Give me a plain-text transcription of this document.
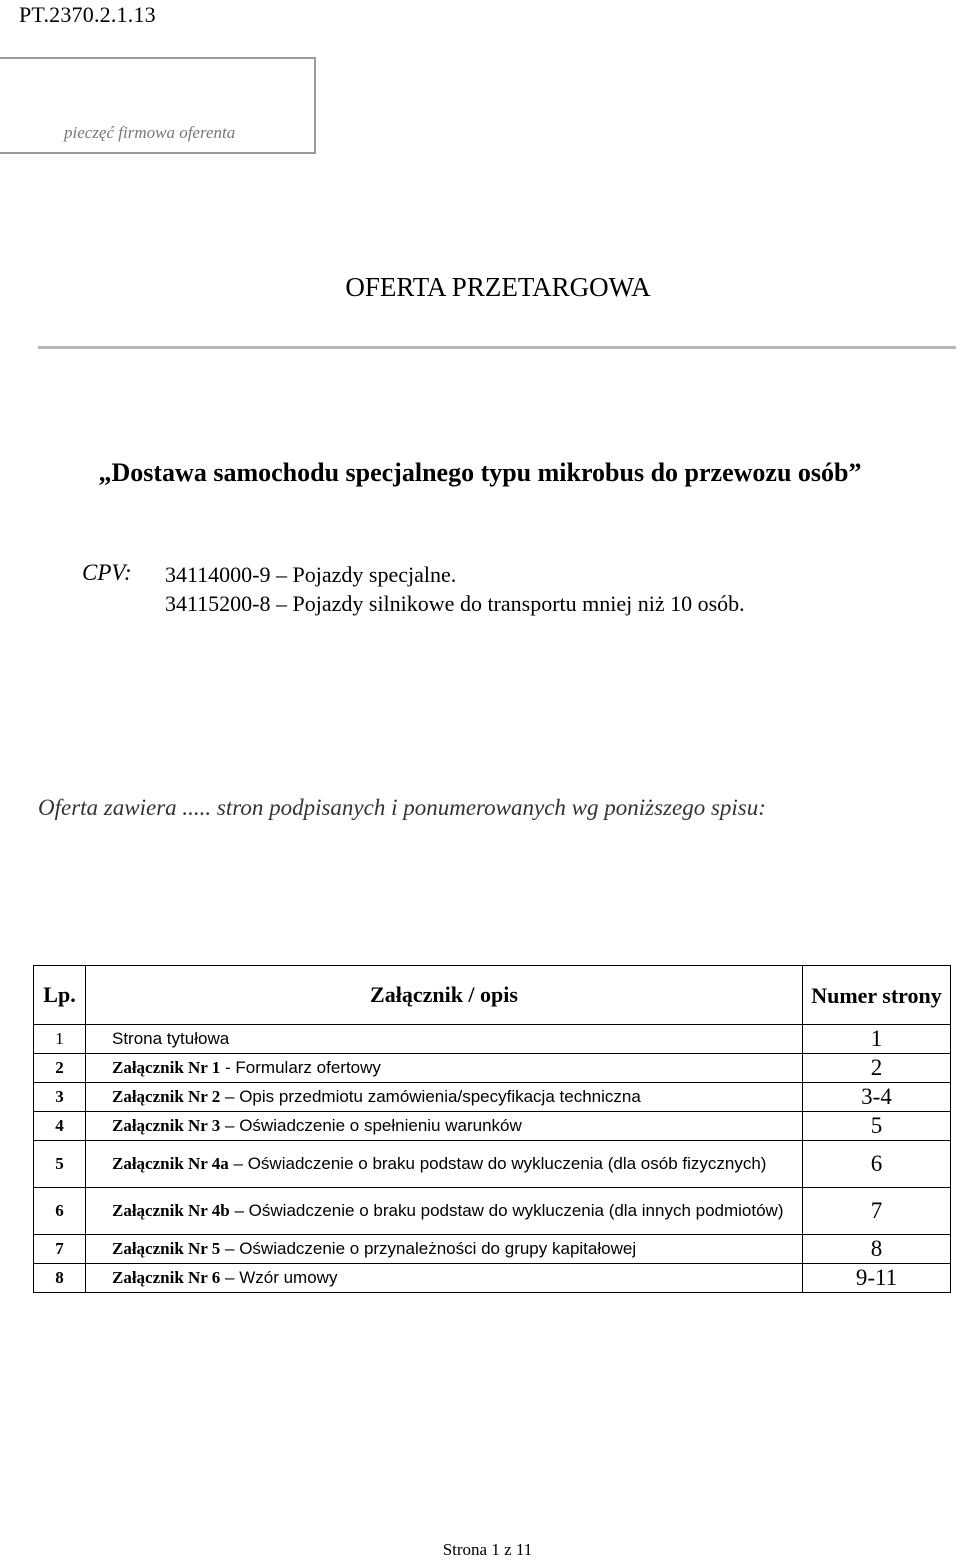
PT.2370.2.1.13
pieczęć firmowa oferenta
OFERTA PRZETARGOWA
„Dostawa samochodu specjalnego typu mikrobus do przewozu osób”
CPV: 34114000-9 – Pojazdy specjalne.
34115200-8 – Pojazdy silnikowe do transportu mniej niż 10 osób.
Oferta zawiera ..... stron podpisanych i ponumerowanych wg poniższego spisu:
Lp.	Załącznik / opis	Numer strony
1	Strona tytułowa	1
2	Załącznik Nr 1 - Formularz ofertowy	2
3	Załącznik Nr 2 – Opis przedmiotu zamówienia/specyfikacja techniczna	3-4
4	Załącznik Nr 3 – Oświadczenie o spełnieniu warunków	5
5	Załącznik Nr 4a – Oświadczenie o braku podstaw do wykluczenia (dla osób fizycznych)	6
6	Załącznik Nr 4b – Oświadczenie o braku podstaw do wykluczenia (dla innych podmiotów)	7
7	Załącznik Nr 5 – Oświadczenie o przynależności do grupy kapitałowej	8
8	Załącznik Nr 6 – Wzór umowy	9-11
Strona 1 z 11
